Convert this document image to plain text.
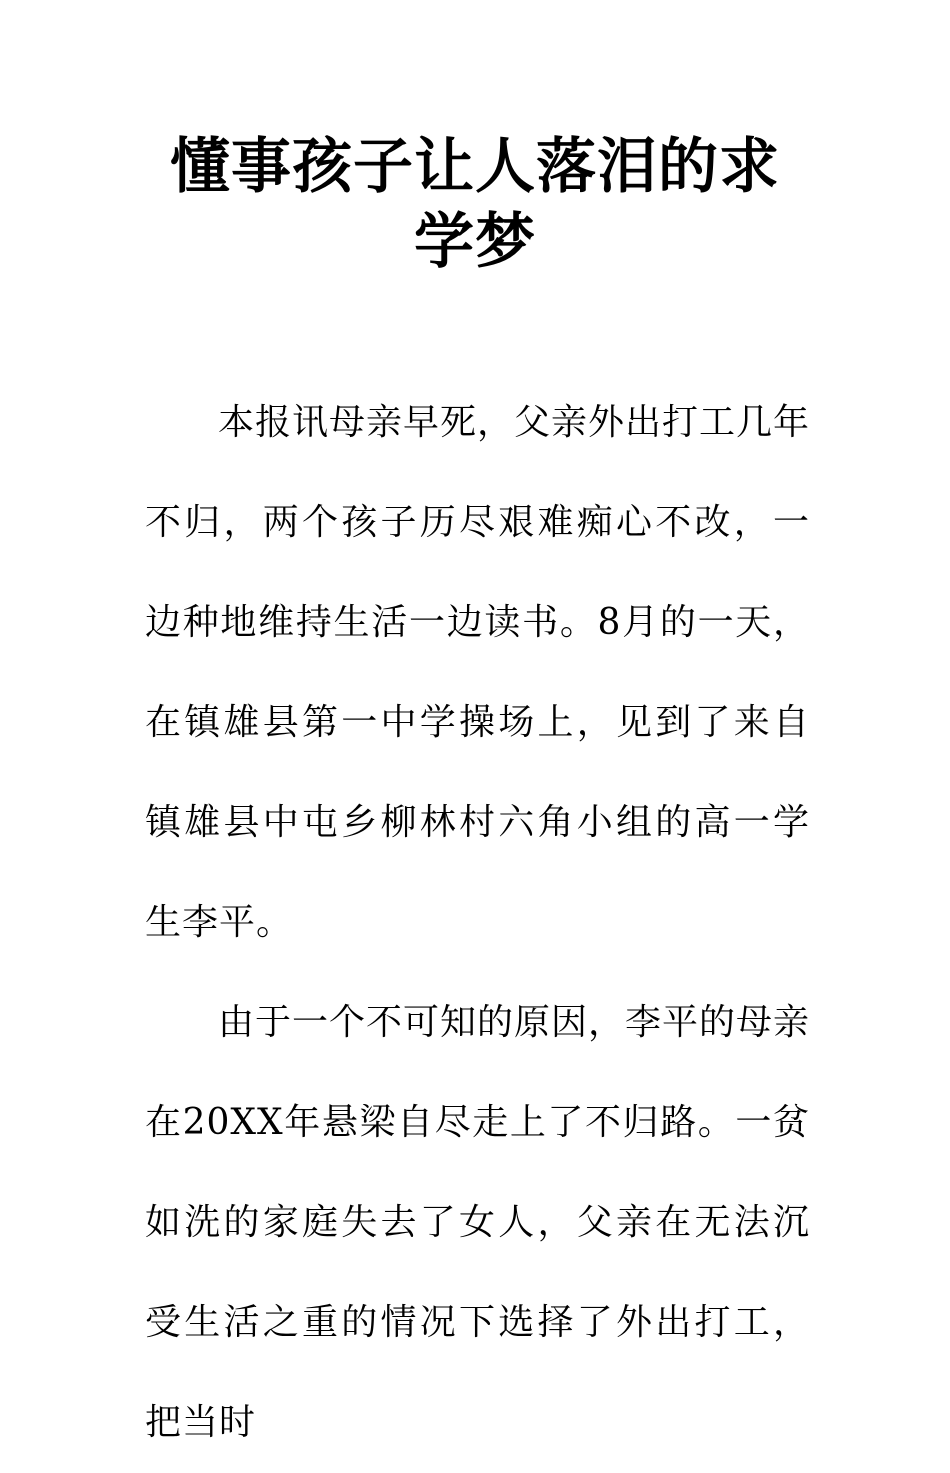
懂事孩子让人落泪的求学梦

本报讯母亲早死，父亲外出打工几年不归，两个孩子历尽艰难痴心不改，一边种地维持生活一边读书。8月的一天，在镇雄县第一中学操场上，见到了来自镇雄县中屯乡柳林村六角小组的高一学生李平。

由于一个不可知的原因，李平的母亲在20XX年悬梁自尽走上了不归路。一贫如洗的家庭失去了女人，父亲在无法沉受生活之重的情况下选择了外出打工，把当时
